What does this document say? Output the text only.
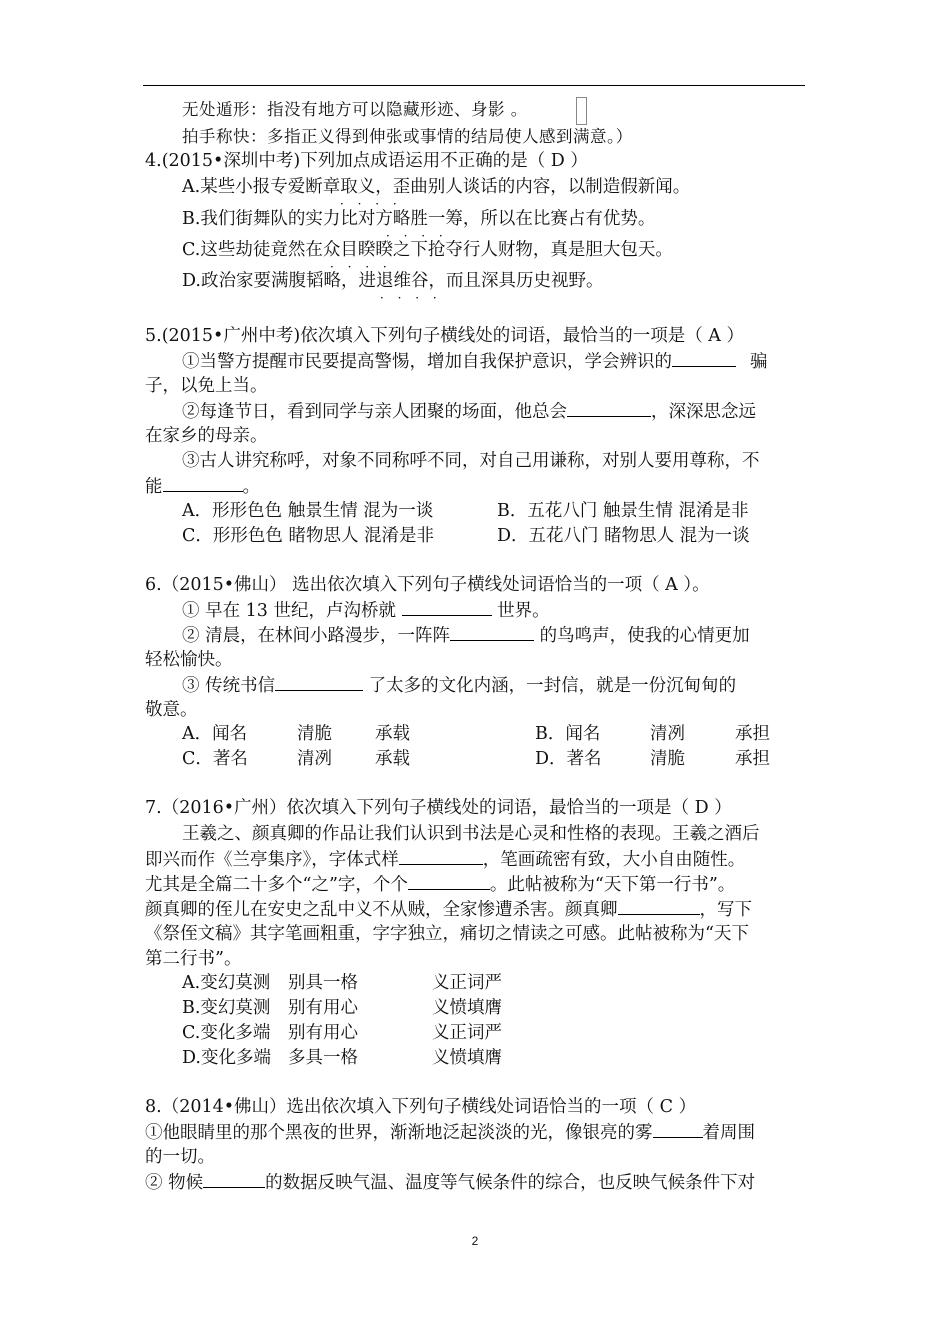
无处遁形：指没有地方可以隐藏形迹、身影 。
拍手称快：多指正义得到伸张或事情的结局使人感到满意。）
4.(2015•深圳中考)下列加点成语运用不正确的是（ D ）
A.某些小报专爱断章取义，歪曲别人谈话的内容，以制造假新闻。
· · · ·
B.我们街舞队的实力比对方略胜一筹，所以在比赛占有优势。
· · · ·
C.这些劫徒竟然在众目睽睽之下抢夺行人财物，真是胆大包天。
· · · ·
D.政治家要满腹韬略，进退维谷，而且深具历史视野。
· · · ·
5.(2015•广州中考)依次填入下列句子横线处的词语，最恰当的一项是（ A ）
①当警方提醒市民要提高警惕，增加自我保护意识，学会辨识的	骗
子，以免上当。
②每逢节日，看到同学与亲人团聚的场面，他总会	，深深思念远
在家乡的母亲。
③古人讲究称呼，对象不同称呼不同，对自己用谦称，对别人要用尊称，不
能	。
A．形形色色 触景生情 混为一谈	B．五花八门 触景生情 混淆是非
C．形形色色 睹物思人 混淆是非	D．五花八门 睹物思人 混为一谈
6.（2015•佛山） 选出依次填入下列句子横线处词语恰当的一项（ A ）。
① 早在 13 世纪，卢沟桥就	世界。
② 清晨，在林间小路漫步，一阵阵	的鸟鸣声，使我的心情更加
轻松愉快。
③ 传统书信	了太多的文化内涵，一封信，就是一份沉甸甸的
敬意。
A．闻名	清脆 承载	B．闻名	清冽	承担
C．著名	清冽 承载	D．著名	清脆	承担
7.（2016•广州）依次填入下列句子横线处的词语，最恰当的一项是（ D ）
王羲之、颜真卿的作品让我们认识到书法是心灵和性格的表现。王羲之酒后
即兴而作《兰亭集序》，字体式样	，笔画疏密有致，大小自由随性。
尤其是全篇二十多个“之”字，个个	。此帖被称为“天下第一行书”。
颜真卿的侄儿在安史之乱中义不从贼，全家惨遭杀害。颜真卿	，写下
《祭侄文稿》其字笔画粗重，字字独立，痛切之情读之可感。此帖被称为“天下
第二行书”。
A.变幻莫测 别具一格	义正词严
B.变幻莫测 别有用心	义愤填膺
C.变化多端 别有用心	义正词严
D.变化多端 多具一格	义愤填膺
8.（2014•佛山）选出依次填入下列句子横线处词语恰当的一项（ C ）
①他眼睛里的那个黑夜的世界，渐渐地泛起淡淡的光，像银亮的雾	着周围
的一切。
② 物候	的数据反映气温、温度等气候条件的综合，也反映气候条件下对
2
